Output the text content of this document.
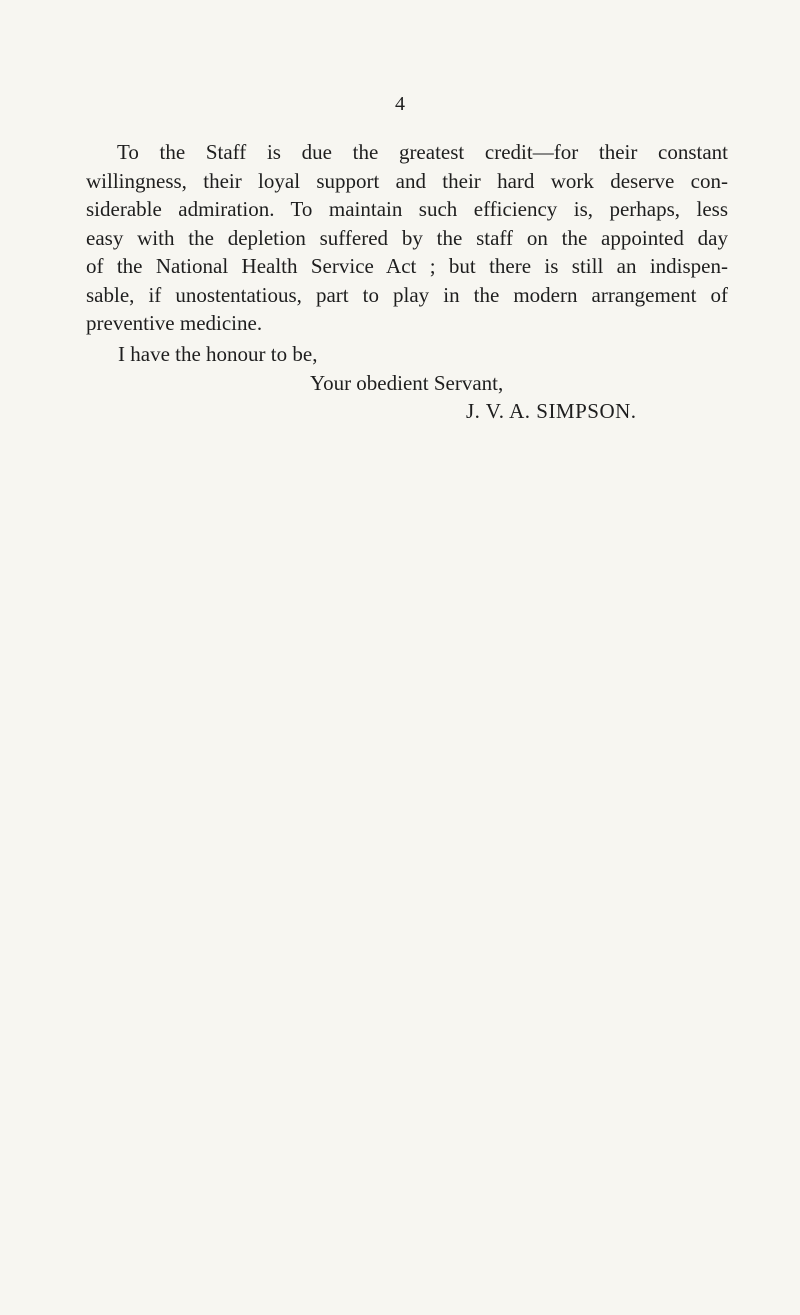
4
To the Staff is due the greatest credit—for their constant
willingness, their loyal support and their hard work deserve con-
siderable admiration. To maintain such efficiency is, perhaps, less
easy with the depletion suffered by the staff on the appointed day
of the National Health Service Act ; but there is still an indispen-
sable, if unostentatious, part to play in the modern arrangement of
preventive medicine.
I have the honour to be,
Your obedient Servant,
J. V. A. SIMPSON.
